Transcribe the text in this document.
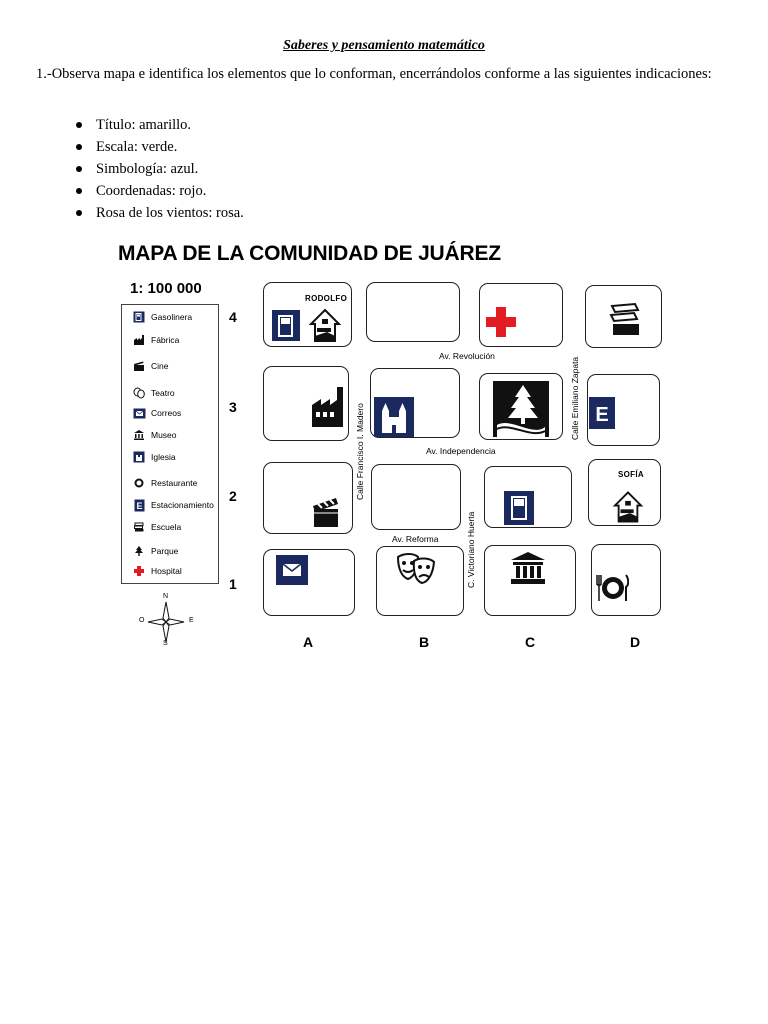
Saberes y pensamiento matemático
1.-Observa mapa e identifica los elementos que lo conforman, encerrándolos conforme a las siguientes indicaciones:
Título: amarillo.
Escala: verde.
Simbología: azul.
Coordenadas: rojo.
Rosa de los vientos: rosa.
MAPA DE LA COMUNIDAD DE JUÁREZ
1: 100 000
Gasolinera
Fábrica
Cine
Teatro
Correos
Museo
Iglesia
Restaurante
E Estacionamiento
Escuela
Parque
Hospital
N
S
E
O
4
3
2
1
A	B	C	D
RODOLFO
E
SOFÍA
Av. Revolución
Av. Independencia
Av. Reforma
Calle Francisco I. Madero
C. Victoriano Huerta
Calle Emiliano Zapata
